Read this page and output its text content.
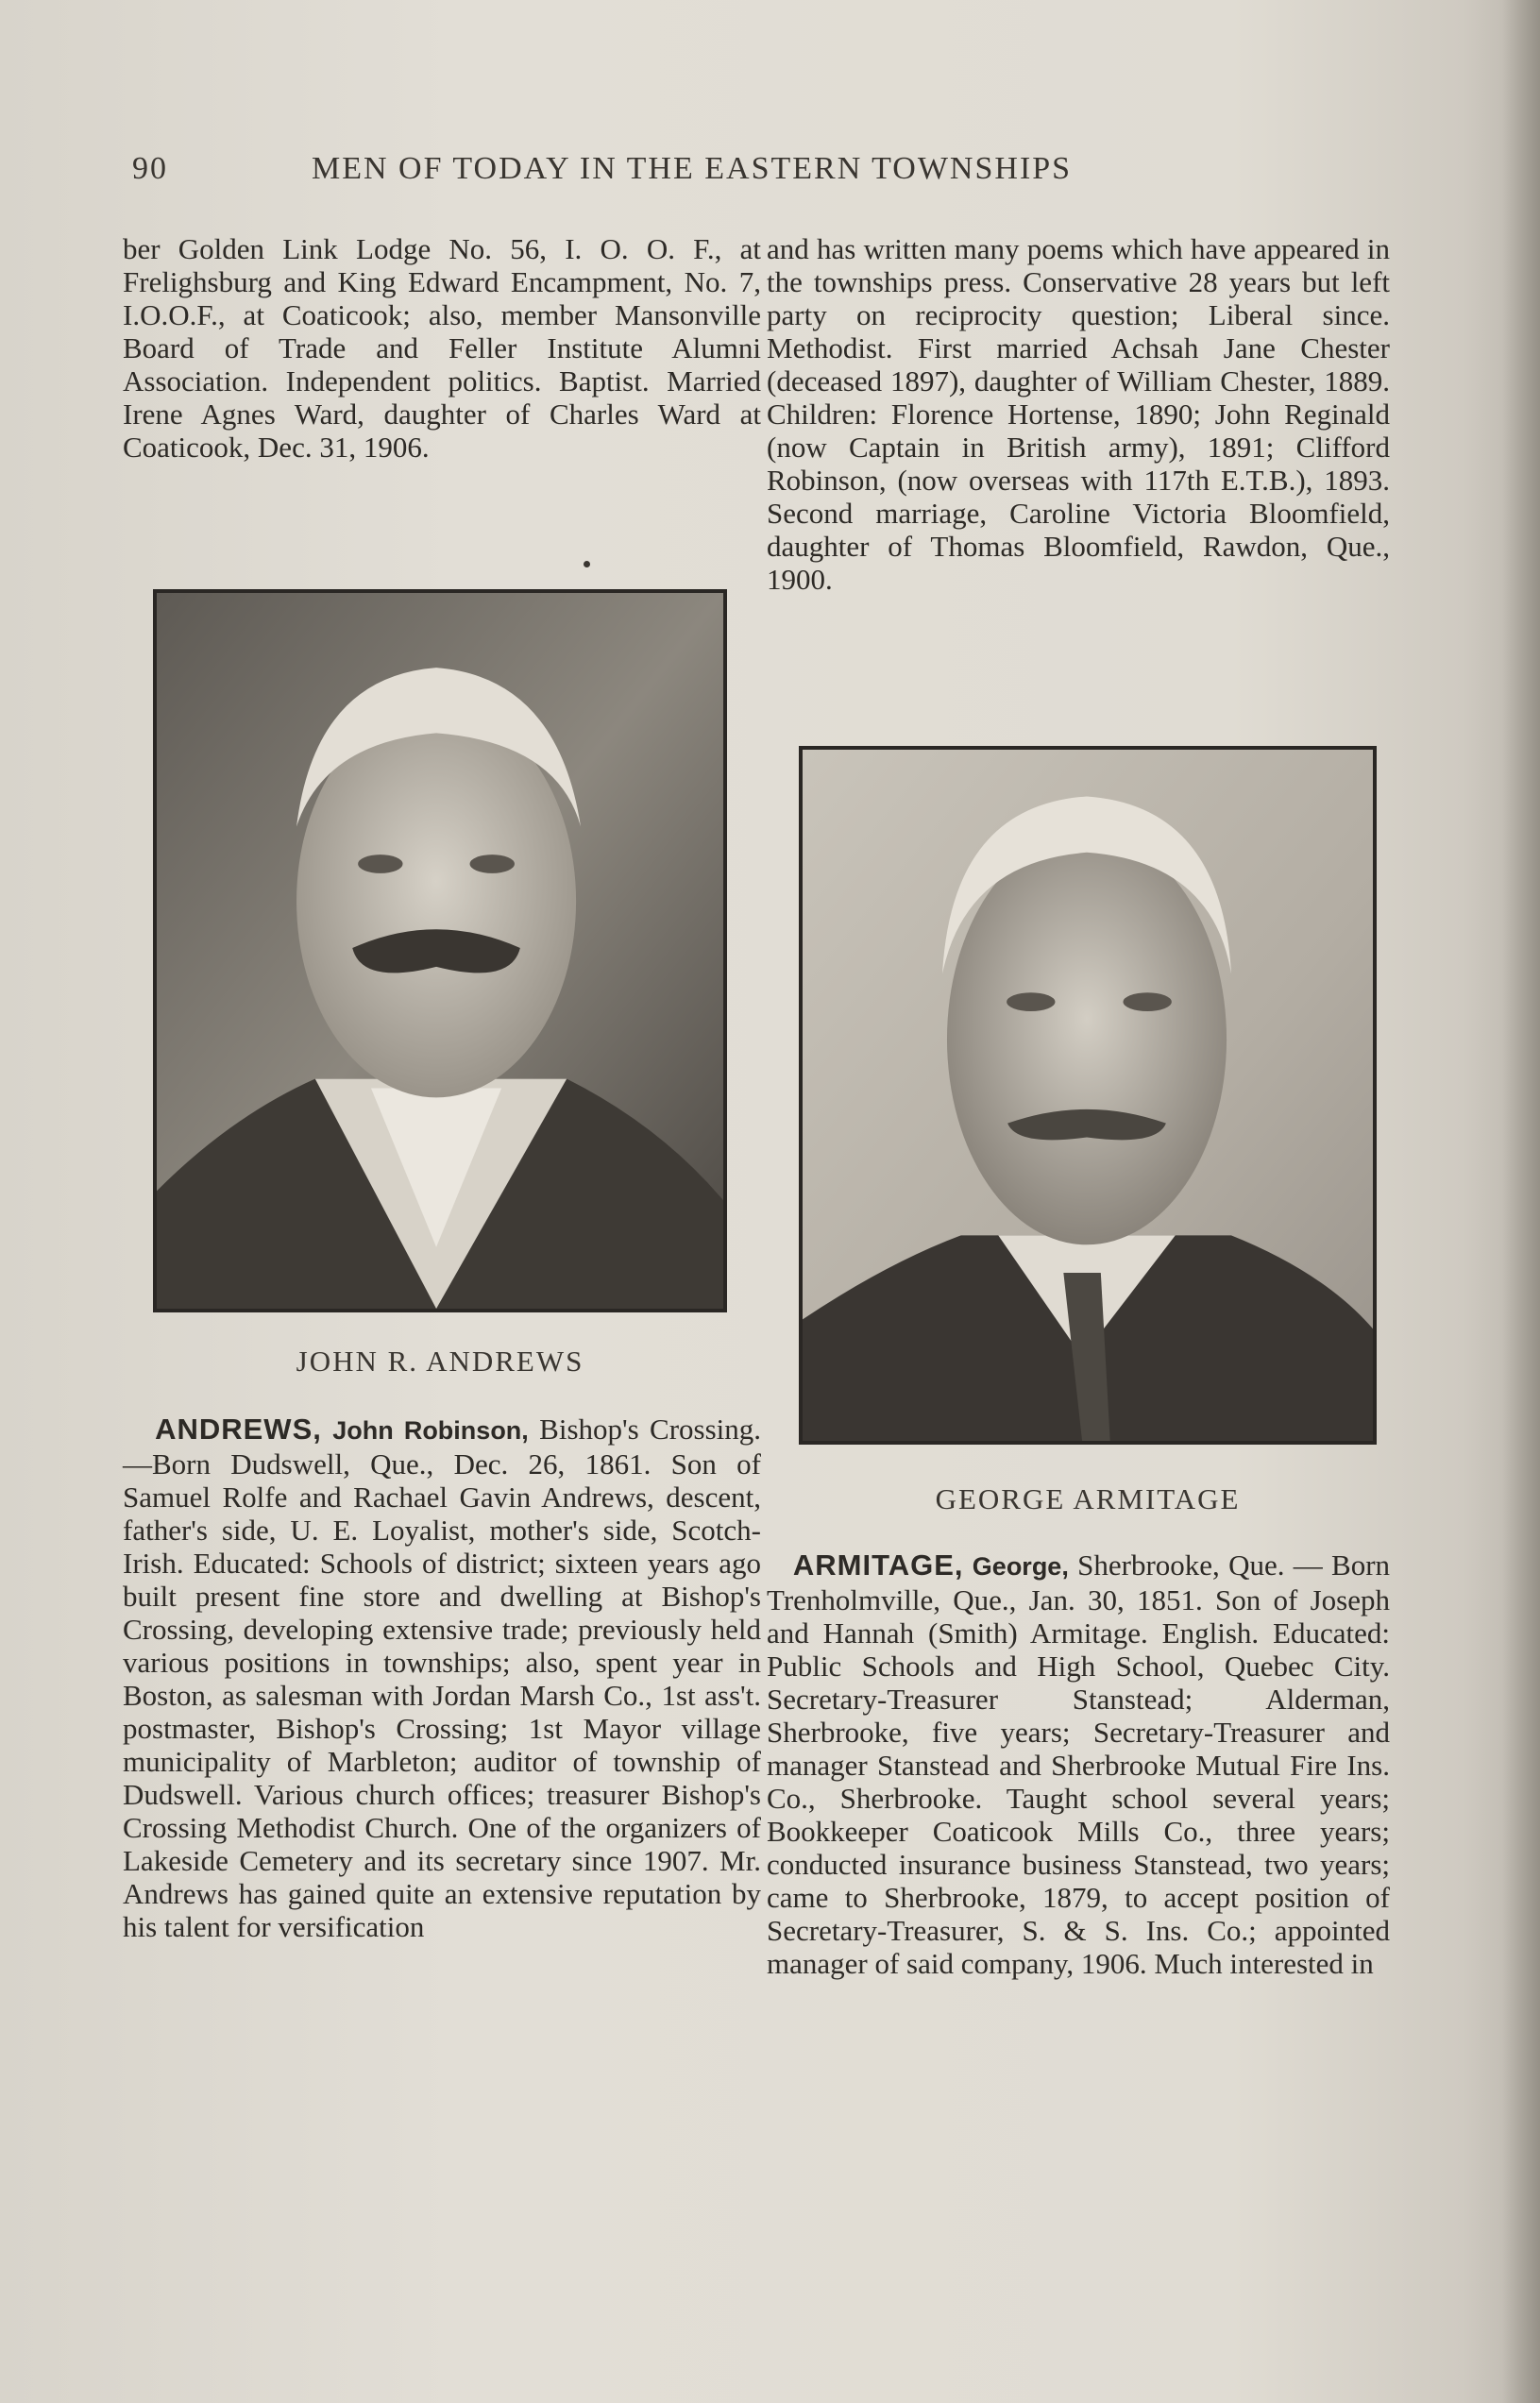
90	MEN OF TODAY IN THE EASTERN TOWNSHIPS

ber Golden Link Lodge No. 56, I. O. O. F., at Frelighsburg and King Edward Encampment, No. 7, I.O.O.F., at Coaticook; also, member Mansonville Board of Trade and Feller Institute Alumni Association. Independent politics. Baptist. Married Irene Agnes Ward, daughter of Charles Ward at Coaticook, Dec. 31, 1906.

JOHN R. ANDREWS

ANDREWS, John Robinson, Bishop's Crossing.—Born Dudswell, Que., Dec. 26, 1861. Son of Samuel Rolfe and Rachael Gavin Andrews, descent, father's side, U. E. Loyalist, mother's side, Scotch-Irish. Educated: Schools of district; sixteen years ago built present fine store and dwelling at Bishop's Crossing, developing extensive trade; previously held various positions in townships; also, spent year in Boston, as salesman with Jordan Marsh Co., 1st ass't. postmaster, Bishop's Crossing; 1st Mayor village municipality of Marbleton; auditor of township of Dudswell. Various church offices; treasurer Bishop's Crossing Methodist Church. One of the organizers of Lakeside Cemetery and its secretary since 1907. Mr. Andrews has gained quite an extensive reputation by his talent for versification

and has written many poems which have appeared in the townships press. Conservative 28 years but left party on reciprocity question; Liberal since. Methodist. First married Achsah Jane Chester (deceased 1897), daughter of William Chester, 1889. Children: Florence Hortense, 1890; John Reginald (now Captain in British army), 1891; Clifford Robinson, (now overseas with 117th E.T.B.), 1893. Second marriage, Caroline Victoria Bloomfield, daughter of Thomas Bloomfield, Rawdon, Que., 1900.

GEORGE ARMITAGE

ARMITAGE, George, Sherbrooke, Que. — Born Trenholmville, Que., Jan. 30, 1851. Son of Joseph and Hannah (Smith) Armitage. English. Educated: Public Schools and High School, Quebec City. Secretary-Treasurer Stanstead; Alderman, Sherbrooke, five years; Secretary-Treasurer and manager Stanstead and Sherbrooke Mutual Fire Ins. Co., Sherbrooke. Taught school several years; Bookkeeper Coaticook Mills Co., three years; conducted insurance business Stanstead, two years; came to Sherbrooke, 1879, to accept position of Secretary-Treasurer, S. & S. Ins. Co.; appointed manager of said company, 1906. Much interested in
